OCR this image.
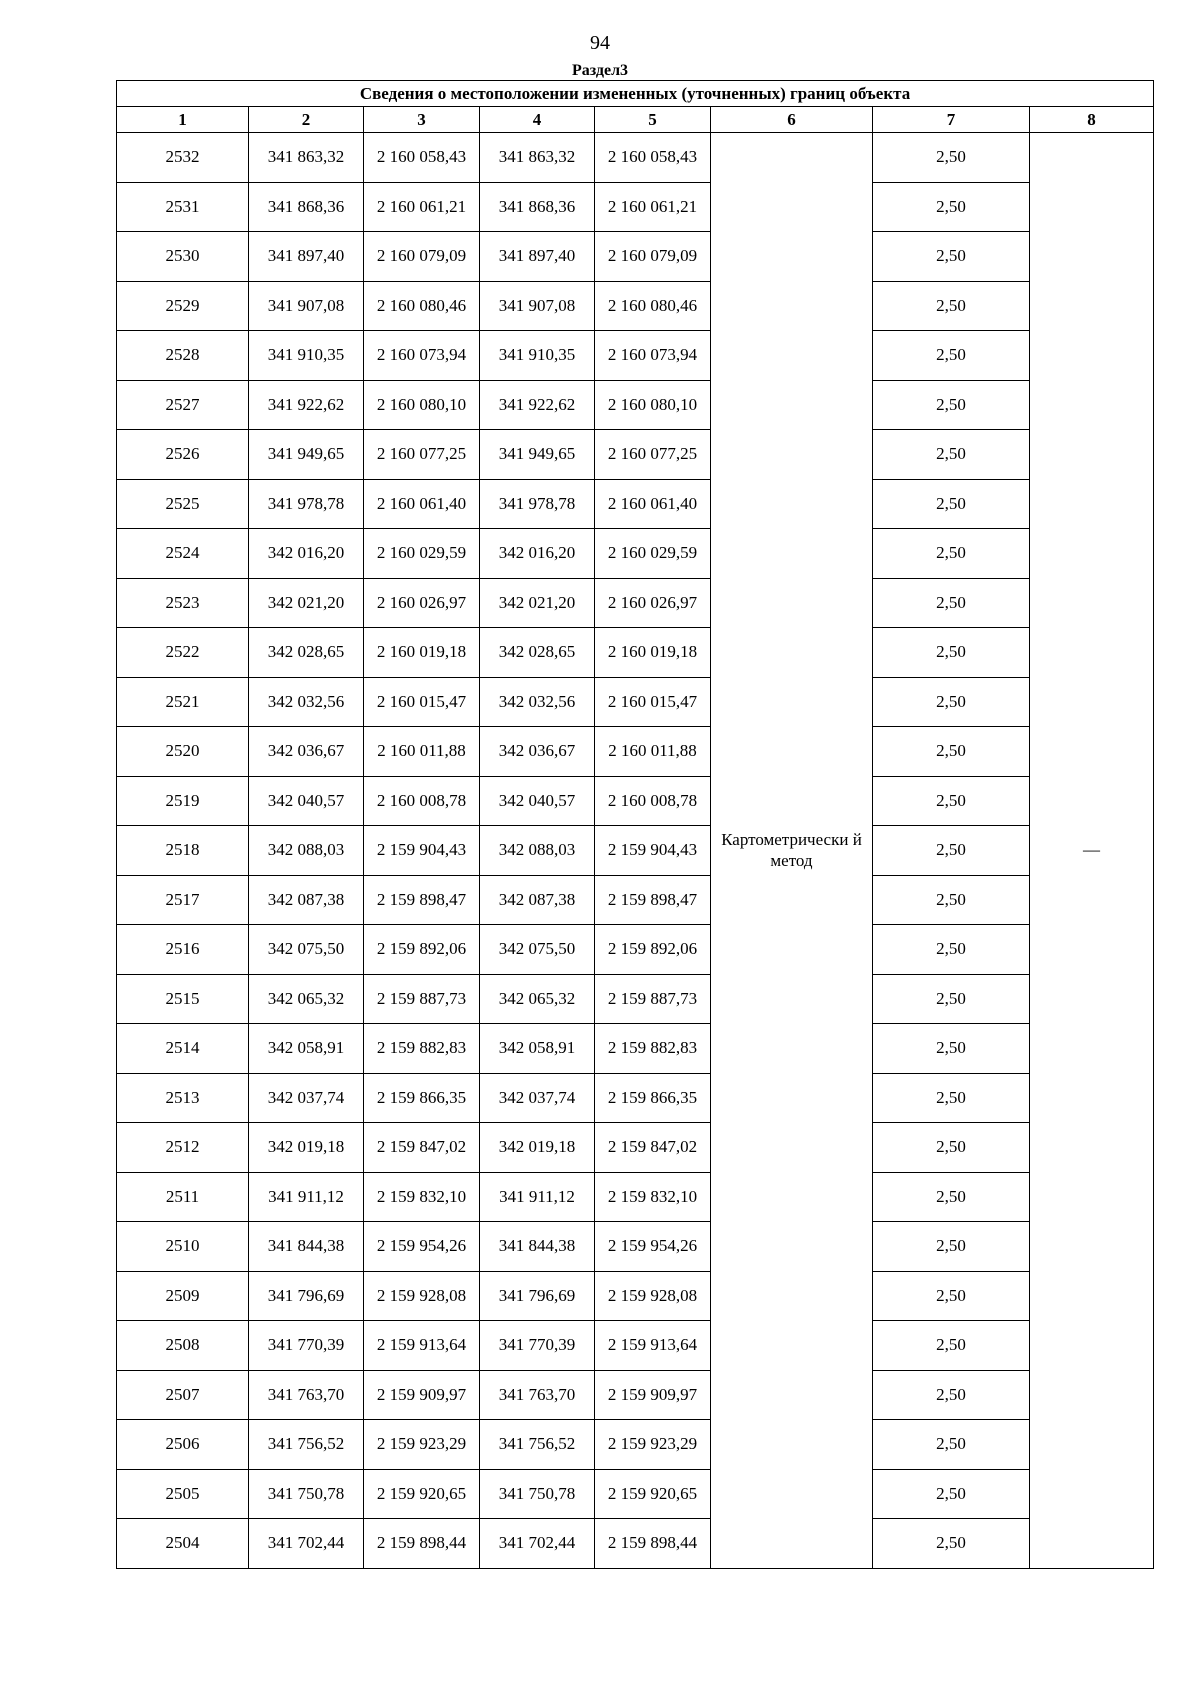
94
Раздел3
Сведения о местоположении измененных (уточненных) границ объекта							
1	2	3	4	5	6	7	8
2532	341 863,32	2 160 058,43	341 863,32	2 160 058,43	Картометрически й метод	2,50	—
2531	341 868,36	2 160 061,21	341 868,36	2 160 061,21		2,50	
2530	341 897,40	2 160 079,09	341 897,40	2 160 079,09		2,50	
2529	341 907,08	2 160 080,46	341 907,08	2 160 080,46		2,50	
2528	341 910,35	2 160 073,94	341 910,35	2 160 073,94		2,50	
2527	341 922,62	2 160 080,10	341 922,62	2 160 080,10		2,50	
2526	341 949,65	2 160 077,25	341 949,65	2 160 077,25		2,50	
2525	341 978,78	2 160 061,40	341 978,78	2 160 061,40		2,50	
2524	342 016,20	2 160 029,59	342 016,20	2 160 029,59		2,50	
2523	342 021,20	2 160 026,97	342 021,20	2 160 026,97		2,50	
2522	342 028,65	2 160 019,18	342 028,65	2 160 019,18		2,50	
2521	342 032,56	2 160 015,47	342 032,56	2 160 015,47		2,50	
2520	342 036,67	2 160 011,88	342 036,67	2 160 011,88		2,50	
2519	342 040,57	2 160 008,78	342 040,57	2 160 008,78		2,50	
2518	342 088,03	2 159 904,43	342 088,03	2 159 904,43		2,50	
2517	342 087,38	2 159 898,47	342 087,38	2 159 898,47		2,50	
2516	342 075,50	2 159 892,06	342 075,50	2 159 892,06		2,50	
2515	342 065,32	2 159 887,73	342 065,32	2 159 887,73		2,50	
2514	342 058,91	2 159 882,83	342 058,91	2 159 882,83		2,50	
2513	342 037,74	2 159 866,35	342 037,74	2 159 866,35		2,50	
2512	342 019,18	2 159 847,02	342 019,18	2 159 847,02		2,50	
2511	341 911,12	2 159 832,10	341 911,12	2 159 832,10		2,50	
2510	341 844,38	2 159 954,26	341 844,38	2 159 954,26		2,50	
2509	341 796,69	2 159 928,08	341 796,69	2 159 928,08		2,50	
2508	341 770,39	2 159 913,64	341 770,39	2 159 913,64		2,50	
2507	341 763,70	2 159 909,97	341 763,70	2 159 909,97		2,50	
2506	341 756,52	2 159 923,29	341 756,52	2 159 923,29		2,50	
2505	341 750,78	2 159 920,65	341 750,78	2 159 920,65		2,50	
2504	341 702,44	2 159 898,44	341 702,44	2 159 898,44		2,50	
